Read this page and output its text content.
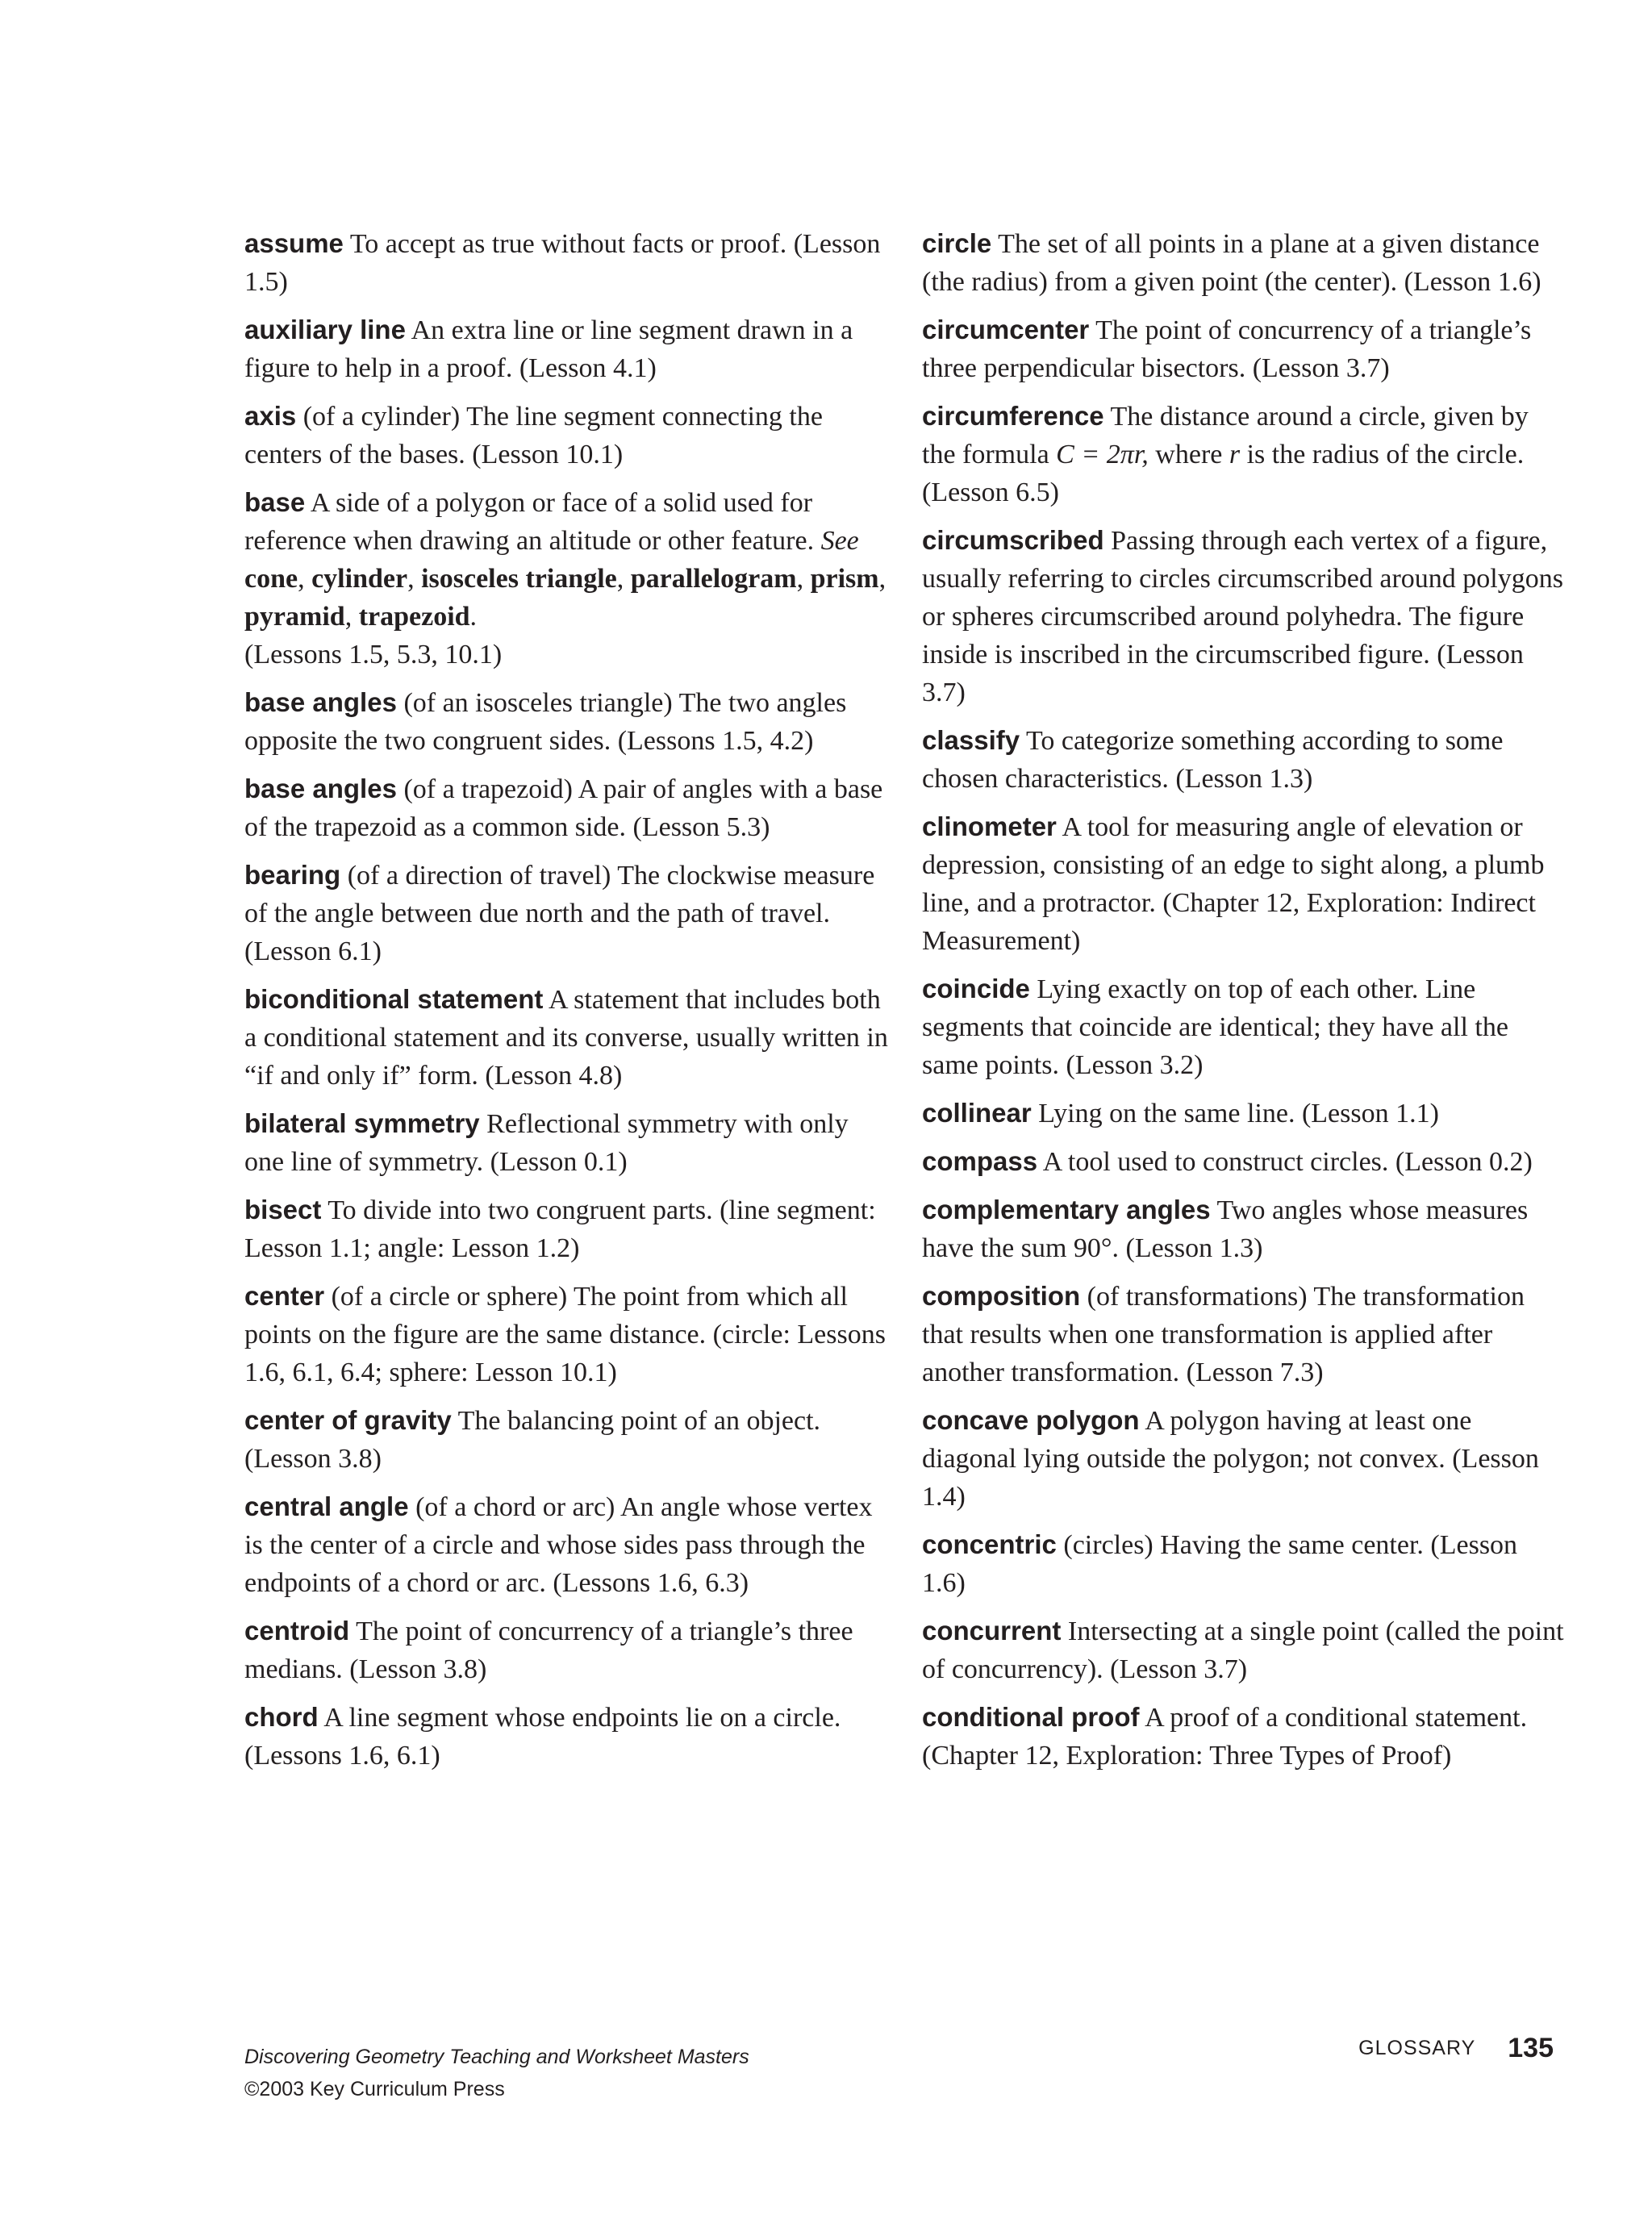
assume To accept as true without facts or proof. (Lesson 1.5)

auxiliary line An extra line or line segment drawn in a figure to help in a proof. (Lesson 4.1)

axis (of a cylinder) The line segment connecting the centers of the bases. (Lesson 10.1)

base A side of a polygon or face of a solid used for reference when drawing an altitude or other feature. See cone, cylinder, isosceles triangle, parallelogram, prism, pyramid, trapezoid.
(Lessons 1.5, 5.3, 10.1)

base angles (of an isosceles triangle) The two angles opposite the two congruent sides. (Lessons 1.5, 4.2)

base angles (of a trapezoid) A pair of angles with a base of the trapezoid as a common side. (Lesson 5.3)

bearing (of a direction of travel) The clockwise measure of the angle between due north and the path of travel. (Lesson 6.1)

biconditional statement A statement that includes both a conditional statement and its converse, usually written in “if and only if” form. (Lesson 4.8)

bilateral symmetry Reflectional symmetry with only one line of symmetry. (Lesson 0.1)

bisect To divide into two congruent parts. (line segment: Lesson 1.1; angle: Lesson 1.2)

center (of a circle or sphere) The point from which all points on the figure are the same distance. (circle: Lessons 1.6, 6.1, 6.4; sphere: Lesson 10.1)

center of gravity The balancing point of an object. (Lesson 3.8)

central angle (of a chord or arc) An angle whose vertex is the center of a circle and whose sides pass through the endpoints of a chord or arc. (Lessons 1.6, 6.3)

centroid The point of concurrency of a triangle’s three medians. (Lesson 3.8)

chord A line segment whose endpoints lie on a circle. (Lessons 1.6, 6.1)

circle The set of all points in a plane at a given distance (the radius) from a given point (the center). (Lesson 1.6)

circumcenter The point of concurrency of a triangle’s three perpendicular bisectors. (Lesson 3.7)

circumference The distance around a circle, given by the formula C = 2πr, where r is the radius of the circle. (Lesson 6.5)

circumscribed Passing through each vertex of a figure, usually referring to circles circumscribed around polygons or spheres circumscribed around polyhedra. The figure inside is inscribed in the circumscribed figure. (Lesson 3.7)

classify To categorize something according to some chosen characteristics. (Lesson 1.3)

clinometer A tool for measuring angle of elevation or depression, consisting of an edge to sight along, a plumb line, and a protractor. (Chapter 12, Exploration: Indirect Measurement)

coincide Lying exactly on top of each other. Line segments that coincide are identical; they have all the same points. (Lesson 3.2)

collinear Lying on the same line. (Lesson 1.1)

compass A tool used to construct circles. (Lesson 0.2)

complementary angles Two angles whose measures have the sum 90°. (Lesson 1.3)

composition (of transformations) The transformation that results when one transformation is applied after another transformation. (Lesson 7.3)

concave polygon A polygon having at least one diagonal lying outside the polygon; not convex. (Lesson 1.4)

concentric (circles) Having the same center. (Lesson 1.6)

concurrent Intersecting at a single point (called the point of concurrency). (Lesson 3.7)

conditional proof A proof of a conditional statement. (Chapter 12, Exploration: Three Types of Proof)

Discovering Geometry Teaching and Worksheet Masters
©2003 Key Curriculum Press
GLOSSARY 135
